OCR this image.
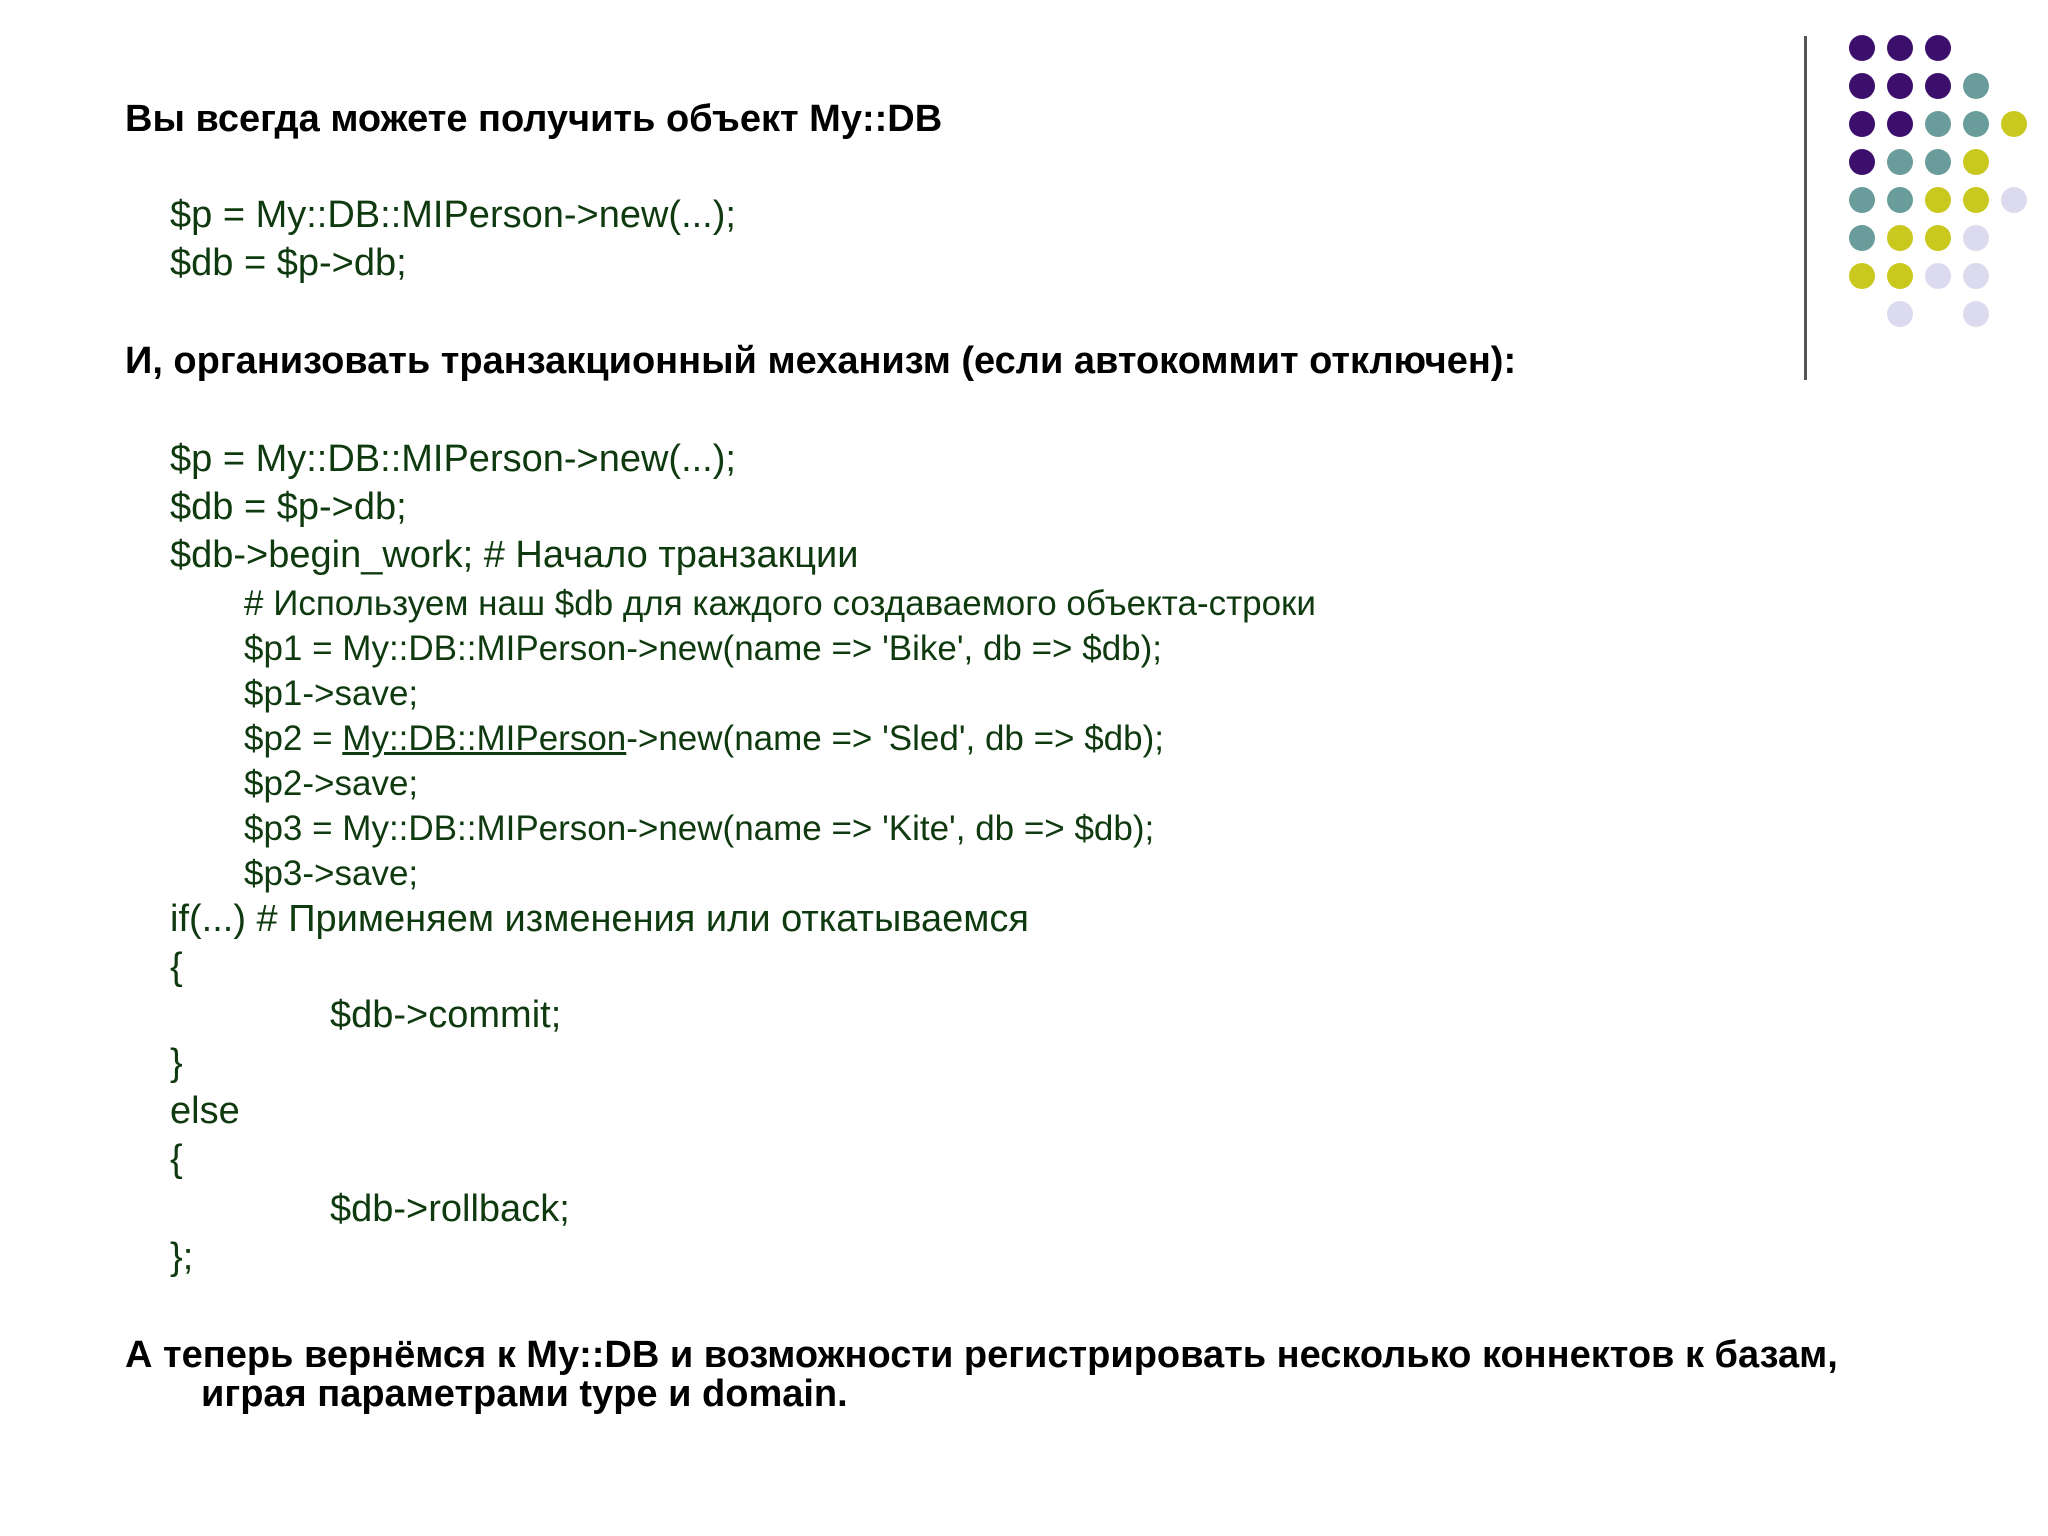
Вы всегда можете получить объект My::DB

$p = My::DB::MIPerson->new(...);

$db = $p->db;

И, организовать транзакционный механизм (если автокоммит отключен):

$p = My::DB::MIPerson->new(...);

$db = $p->db;

$db->begin_work; # Начало транзакции

# Используем наш $db для каждого создаваемого объекта-строки

$p1 = My::DB::MIPerson->new(name => 'Bike', db => $db);

$p1->save;

$p2 = My::DB::MIPerson->new(name => 'Sled', db => $db);

$p2->save;

$p3 = My::DB::MIPerson->new(name => 'Kite', db => $db);

$p3->save;

if(...) # Применяем изменения или откатываемся

{

$db->commit;

}

else

{

$db->rollback;

};

А теперь вернёмся к My::DB и возможности регистрировать несколько коннектов к базам, играя параметрами type и domain.
